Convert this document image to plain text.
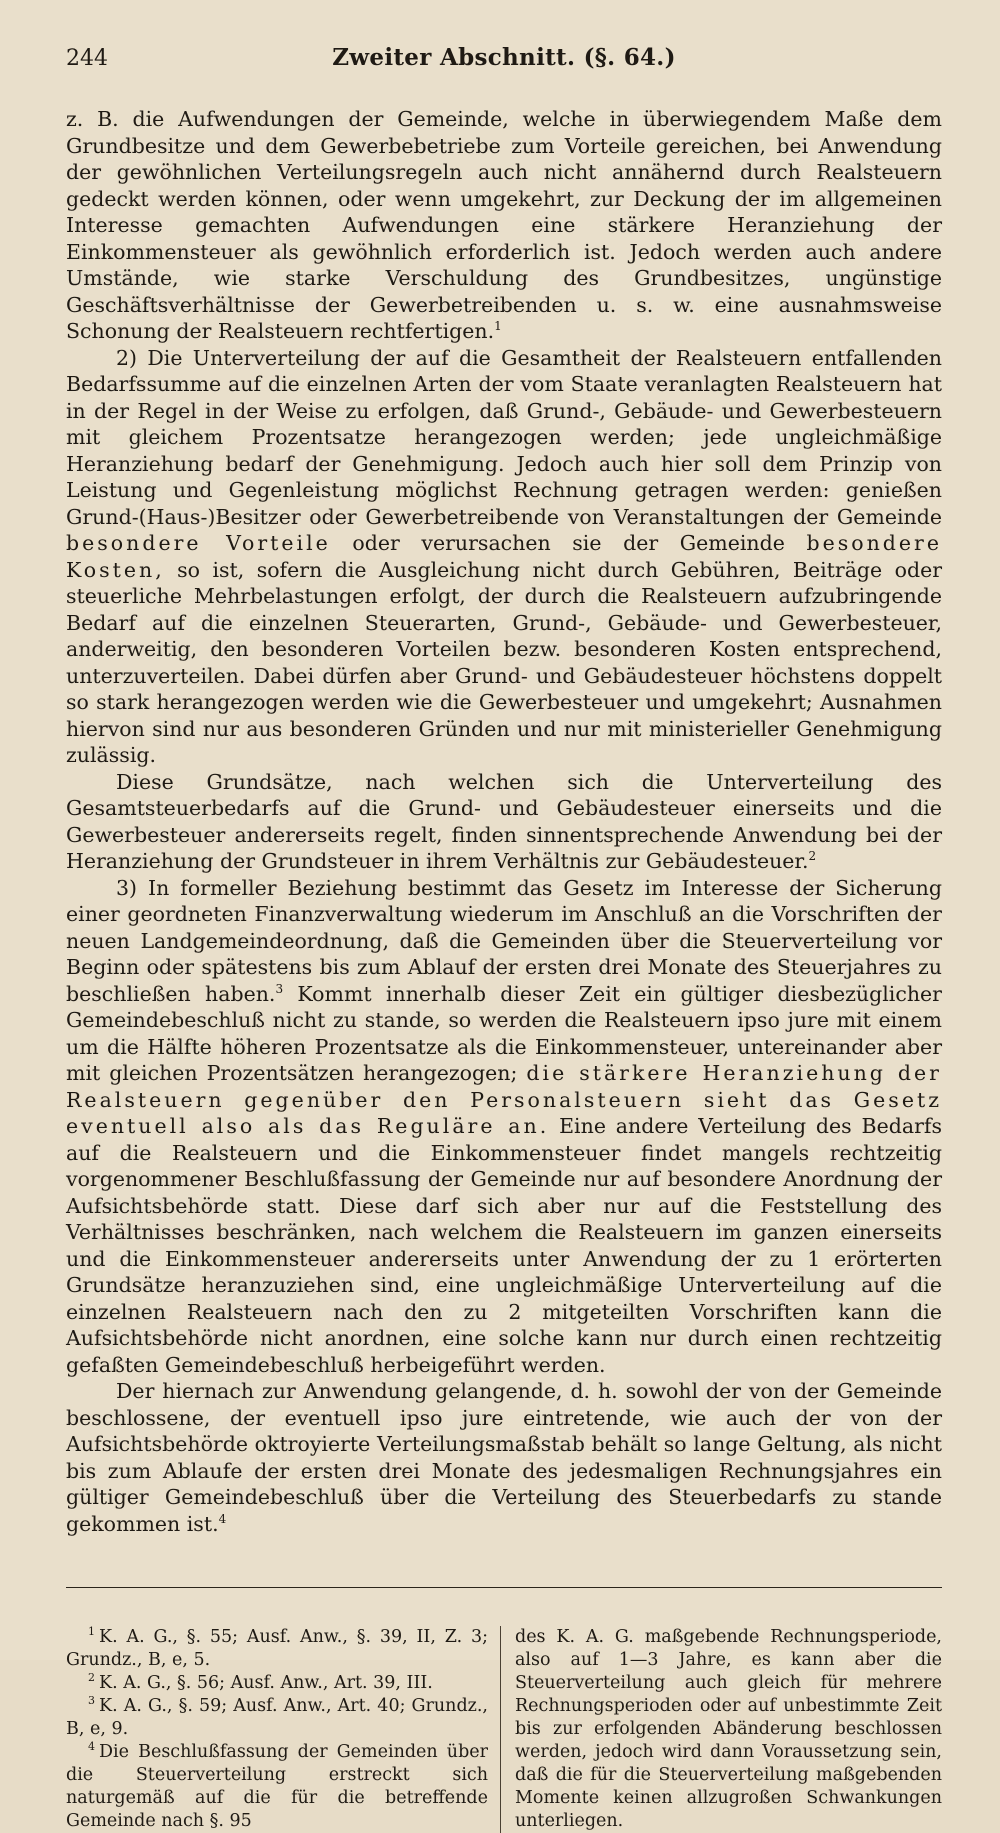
244	Zweiter Abschnitt. (§. 64.)

z. B. die Aufwendungen der Gemeinde, welche in überwiegendem Maße dem Grundbesitze und dem Gewerbebetriebe zum Vorteile gereichen, bei Anwendung der gewöhnlichen Verteilungsregeln auch nicht annähernd durch Realsteuern gedeckt werden können, oder wenn umgekehrt, zur Deckung der im allgemeinen Interesse gemachten Aufwendungen eine stärkere Heranziehung der Einkommensteuer als gewöhnlich erforderlich ist. Jedoch werden auch andere Umstände, wie starke Verschuldung des Grundbesitzes, ungünstige Geschäftsverhältnisse der Gewerbetreibenden u. s. w. eine ausnahmsweise Schonung der Realsteuern rechtfertigen.$^1$

2) Die Unterverteilung der auf die Gesamtheit der Realsteuern entfallenden Bedarfssumme auf die einzelnen Arten der vom Staate veranlagten Realsteuern hat in der Regel in der Weise zu erfolgen, daß Grund-, Gebäude- und Gewerbesteuern mit gleichem Prozentsatze herangezogen werden; jede ungleichmäßige Heranziehung bedarf der Genehmigung. Jedoch auch hier soll dem Prinzip von Leistung und Gegenleistung möglichst Rechnung getragen werden: genießen Grund-(Haus-)Besitzer oder Gewerbetreibende von Veranstaltungen der Gemeinde besondere Vorteile oder verursachen sie der Gemeinde besondere Kosten, so ist, sofern die Ausgleichung nicht durch Gebühren, Beiträge oder steuerliche Mehrbelastungen erfolgt, der durch die Realsteuern aufzubringende Bedarf auf die einzelnen Steuerarten, Grund-, Gebäude- und Gewerbesteuer, anderweitig, den besonderen Vorteilen bezw. besonderen Kosten entsprechend, unterzuverteilen. Dabei dürfen aber Grund- und Gebäudesteuer höchstens doppelt so stark herangezogen werden wie die Gewerbesteuer und umgekehrt; Ausnahmen hiervon sind nur aus besonderen Gründen und nur mit ministerieller Genehmigung zulässig.

Diese Grundsätze, nach welchen sich die Unterverteilung des Gesamtsteuerbedarfs auf die Grund- und Gebäudesteuer einerseits und die Gewerbesteuer andererseits regelt, finden sinnentsprechende Anwendung bei der Heranziehung der Grundsteuer in ihrem Verhältnis zur Gebäudesteuer.$^2$

3) In formeller Beziehung bestimmt das Gesetz im Interesse der Sicherung einer geordneten Finanzverwaltung wiederum im Anschluß an die Vorschriften der neuen Landgemeindeordnung, daß die Gemeinden über die Steuerverteilung vor Beginn oder spätestens bis zum Ablauf der ersten drei Monate des Steuerjahres zu beschließen haben.$^3$ Kommt innerhalb dieser Zeit ein gültiger diesbezüglicher Gemeindebeschluß nicht zu stande, so werden die Realsteuern ipso jure mit einem um die Hälfte höheren Prozentsatze als die Einkommensteuer, untereinander aber mit gleichen Prozentsätzen herangezogen; die stärkere Heranziehung der Realsteuern gegenüber den Personalsteuern sieht das Gesetz eventuell also als das Reguläre an. Eine andere Verteilung des Bedarfs auf die Realsteuern und die Einkommensteuer findet mangels rechtzeitig vorgenommener Beschlußfassung der Gemeinde nur auf besondere Anordnung der Aufsichtsbehörde statt. Diese darf sich aber nur auf die Feststellung des Verhältnisses beschränken, nach welchem die Realsteuern im ganzen einerseits und die Einkommensteuer andererseits unter Anwendung der zu 1 erörterten Grundsätze heranzuziehen sind, eine ungleichmäßige Unterverteilung auf die einzelnen Realsteuern nach den zu 2 mitgeteilten Vorschriften kann die Aufsichtsbehörde nicht anordnen, eine solche kann nur durch einen rechtzeitig gefaßten Gemeindebeschluß herbeigeführt werden.

Der hiernach zur Anwendung gelangende, d. h. sowohl der von der Gemeinde beschlossene, der eventuell ipso jure eintretende, wie auch der von der Aufsichtsbehörde oktroyierte Verteilungsmaßstab behält so lange Geltung, als nicht bis zum Ablaufe der ersten drei Monate des jedesmaligen Rechnungsjahres ein gültiger Gemeindebeschluß über die Verteilung des Steuerbedarfs zu stande gekommen ist.$^4$

$^1$ K. A. G., §. 55; Ausf. Anw., §. 39, II, Z. 3; Grundz., B, e, 5.

$^2$ K. A. G., §. 56; Ausf. Anw., Art. 39, III.

$^3$ K. A. G., §. 59; Ausf. Anw., Art. 40; Grundz., B, e, 9.

$^4$ Die Beschlußfassung der Gemeinden über die Steuerverteilung erstreckt sich naturgemäß auf die für die betreffende Gemeinde nach §. 95

des K. A. G. maßgebende Rechnungsperiode, also auf 1—3 Jahre, es kann aber die Steuerverteilung auch gleich für mehrere Rechnungsperioden oder auf unbestimmte Zeit bis zur erfolgenden Abänderung beschlossen werden, jedoch wird dann Voraussetzung sein, daß die für die Steuerverteilung maßgebenden Momente keinen allzugroßen Schwankungen unterliegen.
